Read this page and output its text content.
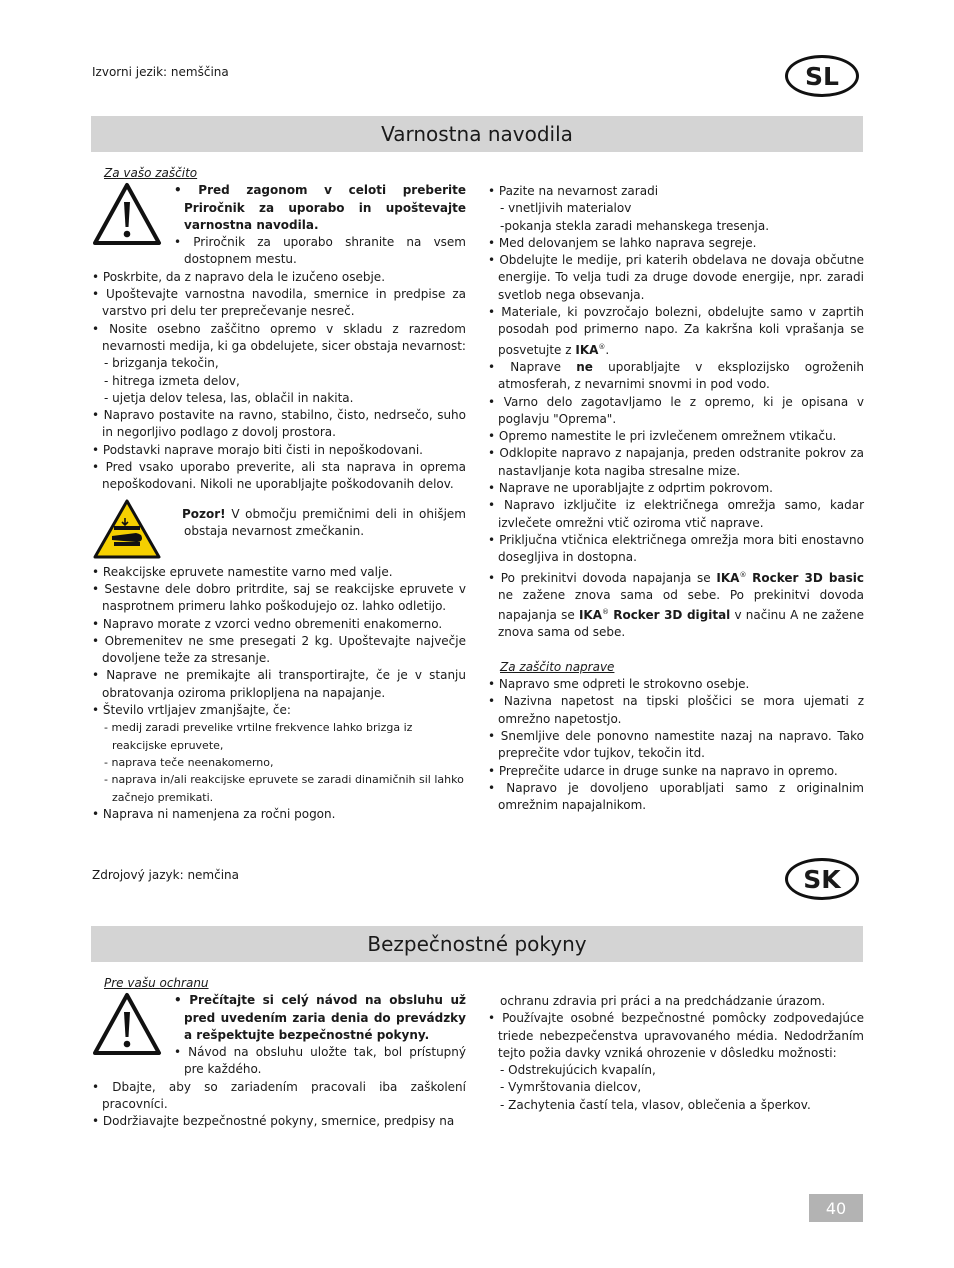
Izvorni jezik: nemščina	SL
Varnostna navodila

Za vašo zaščito

• Pred zagonom v celoti preberite Priročnik za uporabo in upoštevajte varnostna navodila.

• Priročnik za uporabo shranite na vsem dostopnem mestu.

• Poskrbite, da z napravo dela le izučeno osebje.

• Upoštevajte varnostna navodila, smernice in predpise za varstvo pri delu ter preprečevanje nesreč.

• Nosite osebno zaščitno opremo v skladu z razredom nevarnosti medija, ki ga obdelujete, sicer obstaja nevarnost:

- brizganja tekočin,

- hitrega izmeta delov,

- ujetja delov telesa, las, oblačil in nakita.

• Napravo postavite na ravno, stabilno, čisto, nedrsečo, suho in negorljivo podlago z dovolj prostora.

• Podstavki naprave morajo biti čisti in nepoškodovani.

• Pred vsako uporabo preverite, ali sta naprava in oprema nepoškodovani. Nikoli ne uporabljajte poškodovanih delov.

Pozor! V območju premičnimi deli in ohišjem obstaja nevarnost zmečkanin.

• Reakcijske epruvete namestite varno med valje.

• Sestavne dele dobro pritrdite, saj se reakcijske epruvete v nasprotnem primeru lahko poškodujejo oz. lahko odletijo.

• Napravo morate z vzorci vedno obremeniti enakomerno.

• Obremenitev ne sme presegati 2 kg. Upoštevajte največje dovoljene teže za stresanje.

• Naprave ne premikajte ali transportirajte, če je v stanju obratovanja oziroma priklopljena na napajanje.

• Število vrtljajev zmanjšajte, če:

- medij zaradi prevelike vrtilne frekvence lahko brizga iz reakcijske epruvete,

- naprava teče neenakomerno,

- naprava in/ali reakcijske epruvete se zaradi dinamičnih sil lahko začnejo premikati.

• Naprava ni namenjena za ročni pogon.

• Pazite na nevarnost zaradi

- vnetljivih materialov

-pokanja stekla zaradi mehanskega tresenja.

• Med delovanjem se lahko naprava segreje.

• Obdelujte le medije, pri katerih obdelava ne dovaja občutne energije. To velja tudi za druge dovode energije, npr. zaradi svetlob nega obsevanja.

• Materiale, ki povzročajo bolezni, obdelujte samo v zaprtih posodah pod primerno napo. Za kakršna koli vprašanja se posvetujte z IKA®.

• Naprave ne uporabljajte v eksplozijsko ogroženih atmosferah, z nevarnimi snovmi in pod vodo.

• Varno delo zagotavljamo le z opremo, ki je opisana v poglavju "Oprema".

• Opremo namestite le pri izvlečenem omrežnem vtikaču.

• Odklopite napravo z napajanja, preden odstranite pokrov za nastavljanje kota nagiba stresalne mize.

• Naprave ne uporabljajte z odprtim pokrovom.

• Napravo izključite iz električnega omrežja samo, kadar izvlečete omrežni vtič oziroma vtič naprave.

• Priključna vtičnica električnega omrežja mora biti enostavno dosegljiva in dostopna.

• Po prekinitvi dovoda napajanja se IKA® Rocker 3D basic ne zažene znova sama od sebe. Po prekinitvi dovoda napajanja se IKA® Rocker 3D digital v načinu A ne zažene znova sama od sebe.

Za zaščito naprave

• Napravo sme odpreti le strokovno osebje.

• Nazivna napetost na tipski ploščici se mora ujemati z omrežno napetostjo.

• Snemljive dele ponovno namestite nazaj na napravo. Tako preprečite vdor tujkov, tekočin itd.

• Preprečite udarce in druge sunke na napravo in opremo.

• Napravo je dovoljeno uporabljati samo z originalnim omrežnim napajalnikom.

Zdrojový jazyk: nemčina	SK
Bezpečnostné pokyny

Pre vašu ochranu

• Prečítajte si celý návod na obsluhu už pred uvedením zaria denia do prevádzky a rešpektujte bezpečnostné pokyny.

• Návod na obsluhu uložte tak, bol prístupný pre každého.

• Dbajte, aby so zariadením pracovali iba zaškolení pracovníci.

• Dodržiavajte bezpečnostné pokyny, smernice, predpisy na

ochranu zdravia pri práci a na predchádzanie úrazom.

• Používajte osobné bezpečnostné pomôcky zodpovedajúce triede nebezpečenstva upravovaného média. Nedodržaním tejto požia davky vzniká ohrozenie v dôsledku možnosti:

- Odstrekujúcich kvapalín,

- Vymrštovania dielcov,

- Zachytenia častí tela, vlasov, oblečenia a šperkov.

40
